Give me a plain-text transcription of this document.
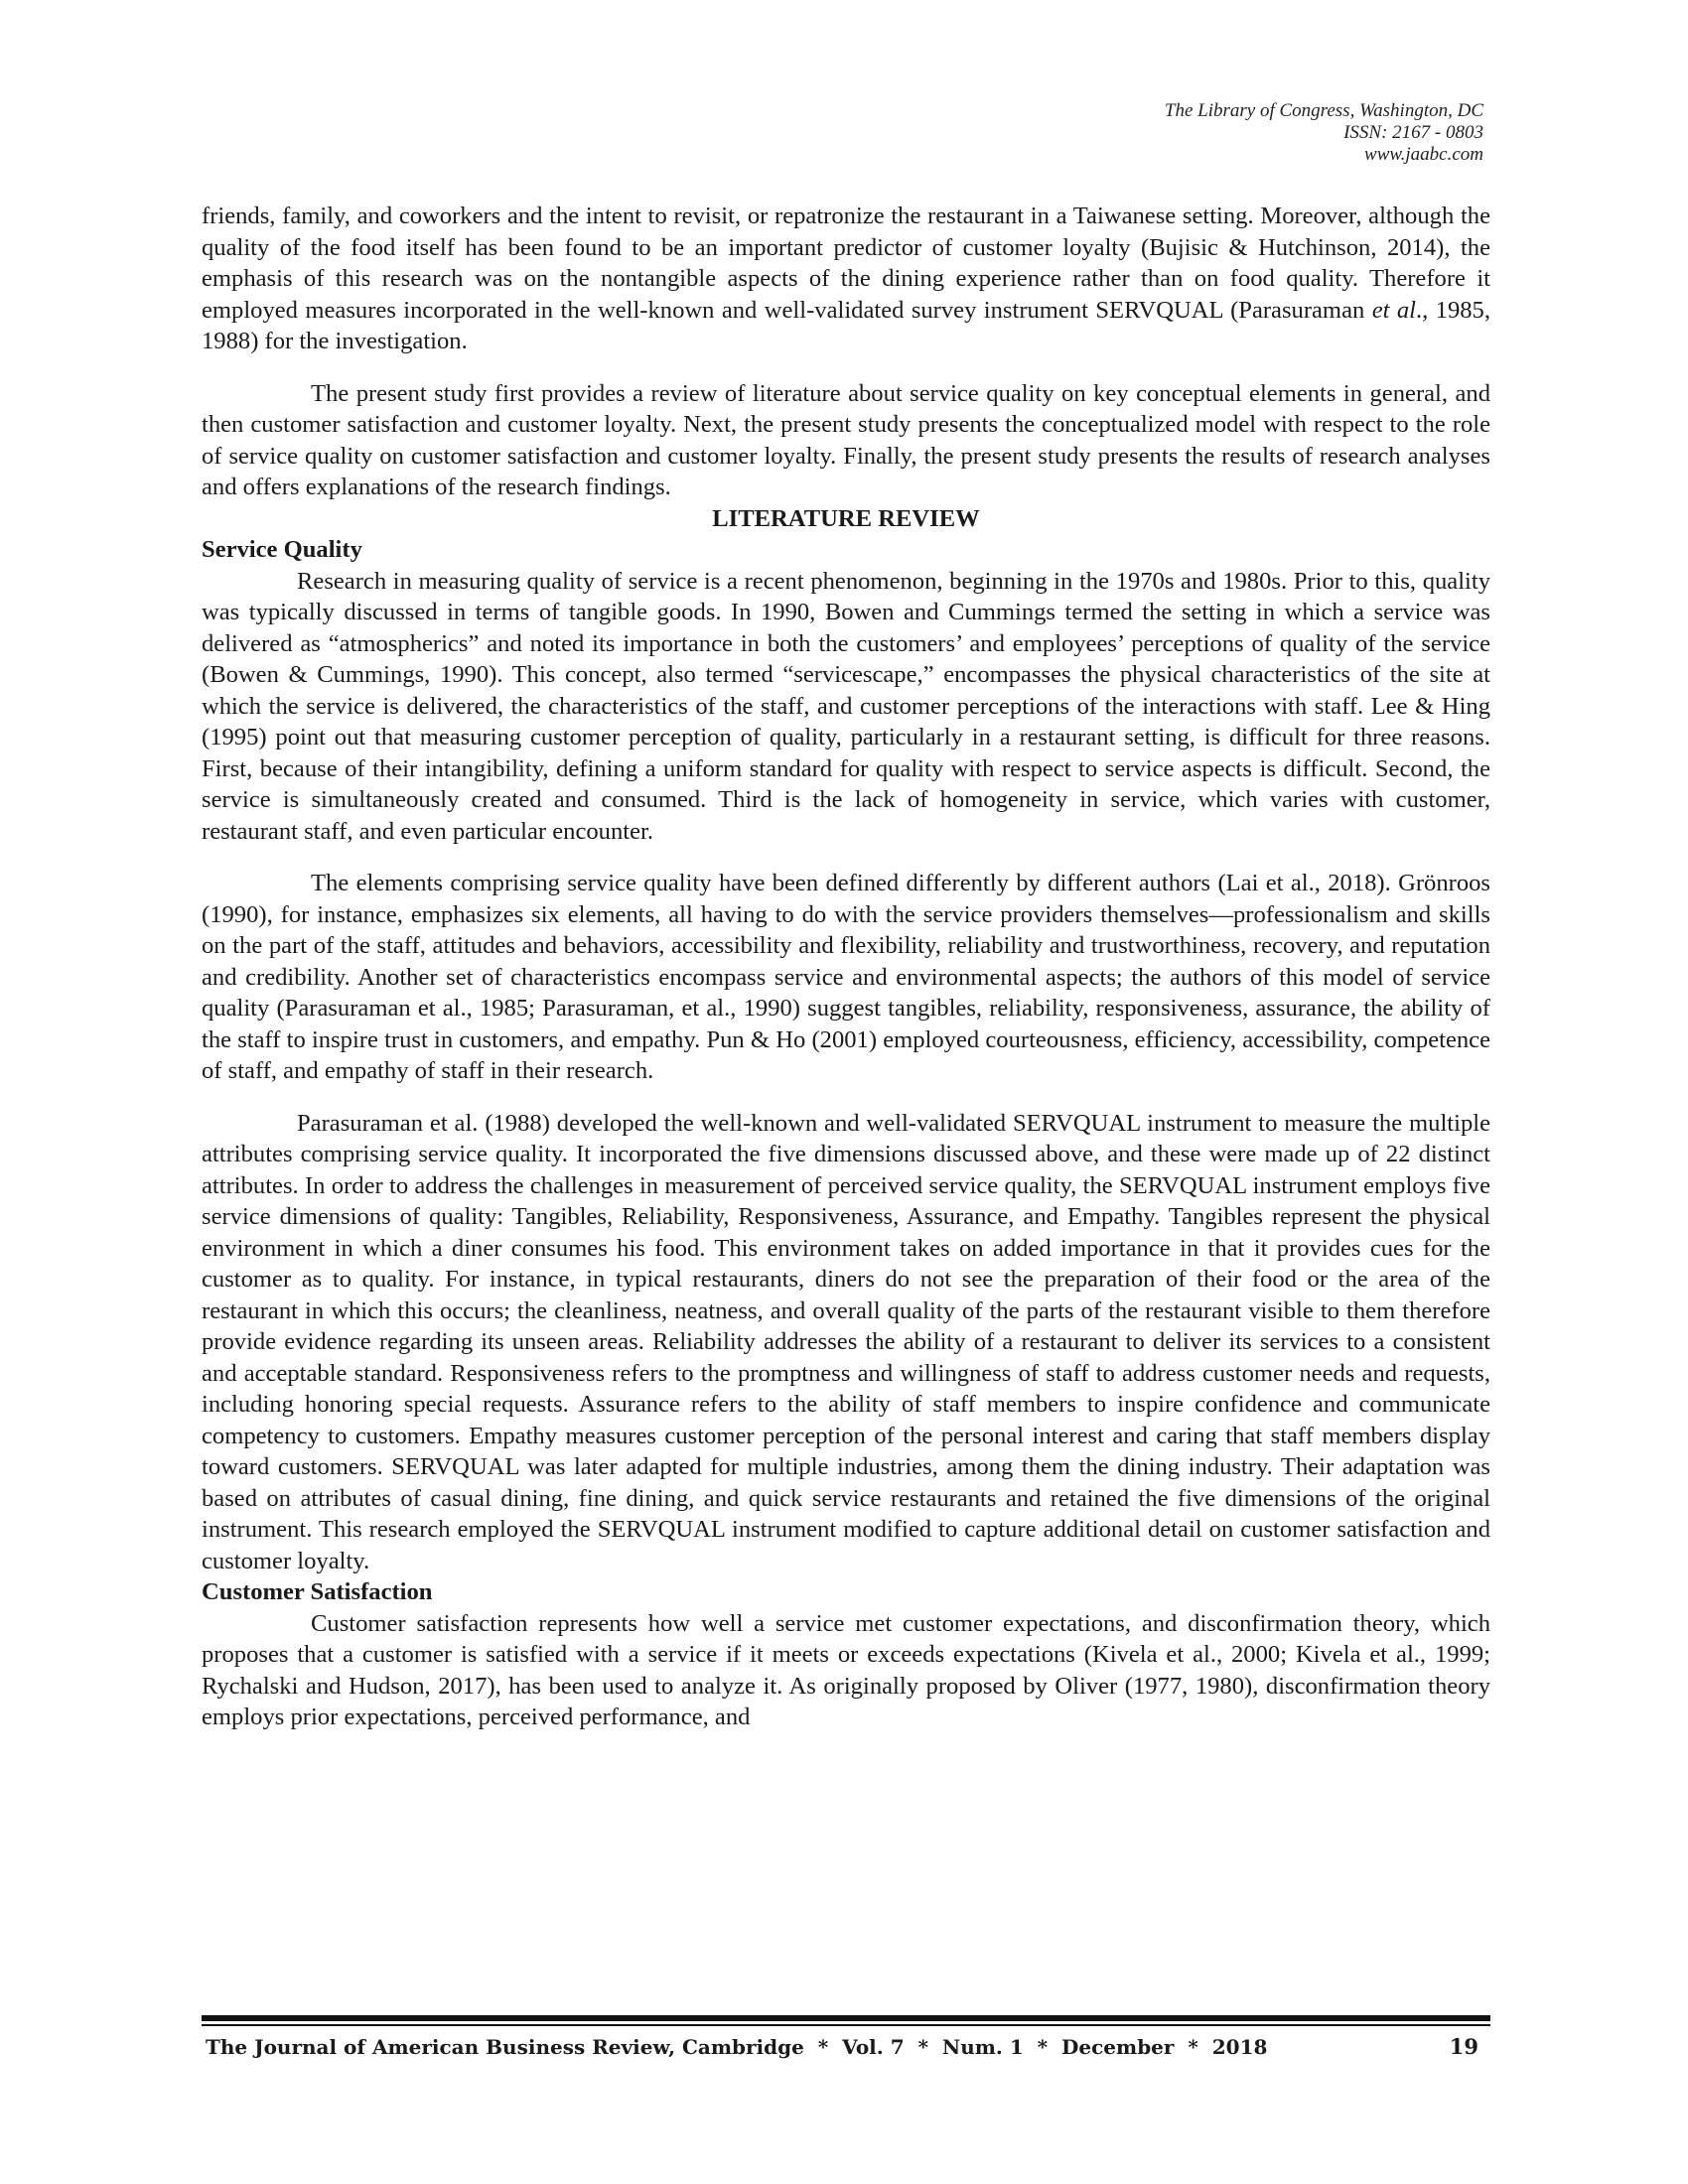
The Library of Congress, Washington, DC
ISSN: 2167 - 0803
www.jaabc.com

friends, family, and coworkers and the intent to revisit, or repatronize the restaurant in a Taiwanese setting. Moreover, although the quality of the food itself has been found to be an important predictor of customer loyalty (Bujisic & Hutchinson, 2014), the emphasis of this research was on the nontangible aspects of the dining experience rather than on food quality. Therefore it employed measures incorporated in the well-known and well-validated survey instrument SERVQUAL (Parasuraman et al., 1985, 1988) for the investigation.

The present study first provides a review of literature about service quality on key conceptual elements in general, and then customer satisfaction and customer loyalty. Next, the present study presents the conceptualized model with respect to the role of service quality on customer satisfaction and customer loyalty. Finally, the present study presents the results of research analyses and offers explanations of the research findings.

LITERATURE REVIEW

Service Quality

Research in measuring quality of service is a recent phenomenon, beginning in the 1970s and 1980s. Prior to this, quality was typically discussed in terms of tangible goods. In 1990, Bowen and Cummings termed the setting in which a service was delivered as “atmospherics” and noted its importance in both the customers’ and employees’ perceptions of quality of the service (Bowen & Cummings, 1990). This concept, also termed “servicescape,” encompasses the physical characteristics of the site at which the service is delivered, the characteristics of the staff, and customer perceptions of the interactions with staff. Lee & Hing (1995) point out that measuring customer perception of quality, particularly in a restaurant setting, is difficult for three reasons. First, because of their intangibility, defining a uniform standard for quality with respect to service aspects is difficult. Second, the service is simultaneously created and consumed. Third is the lack of homogeneity in service, which varies with customer, restaurant staff, and even particular encounter.

The elements comprising service quality have been defined differently by different authors (Lai et al., 2018). Grönroos (1990), for instance, emphasizes six elements, all having to do with the service providers themselves—professionalism and skills on the part of the staff, attitudes and behaviors, accessibility and flexibility, reliability and trustworthiness, recovery, and reputation and credibility. Another set of characteristics encompass service and environmental aspects; the authors of this model of service quality (Parasuraman et al., 1985; Parasuraman, et al., 1990) suggest tangibles, reliability, responsiveness, assurance, the ability of the staff to inspire trust in customers, and empathy. Pun & Ho (2001) employed courteousness, efficiency, accessibility, competence of staff, and empathy of staff in their research.

Parasuraman et al. (1988) developed the well-known and well-validated SERVQUAL instrument to measure the multiple attributes comprising service quality. It incorporated the five dimensions discussed above, and these were made up of 22 distinct attributes. In order to address the challenges in measurement of perceived service quality, the SERVQUAL instrument employs five service dimensions of quality: Tangibles, Reliability, Responsiveness, Assurance, and Empathy. Tangibles represent the physical environment in which a diner consumes his food. This environment takes on added importance in that it provides cues for the customer as to quality. For instance, in typical restaurants, diners do not see the preparation of their food or the area of the restaurant in which this occurs; the cleanliness, neatness, and overall quality of the parts of the restaurant visible to them therefore provide evidence regarding its unseen areas. Reliability addresses the ability of a restaurant to deliver its services to a consistent and acceptable standard. Responsiveness refers to the promptness and willingness of staff to address customer needs and requests, including honoring special requests. Assurance refers to the ability of staff members to inspire confidence and communicate competency to customers. Empathy measures customer perception of the personal interest and caring that staff members display toward customers. SERVQUAL was later adapted for multiple industries, among them the dining industry. Their adaptation was based on attributes of casual dining, fine dining, and quick service restaurants and retained the five dimensions of the original instrument. This research employed the SERVQUAL instrument modified to capture additional detail on customer satisfaction and customer loyalty.

Customer Satisfaction

Customer satisfaction represents how well a service met customer expectations, and disconfirmation theory, which proposes that a customer is satisfied with a service if it meets or exceeds expectations (Kivela et al., 2000; Kivela et al., 1999; Rychalski and Hudson, 2017), has been used to analyze it. As originally proposed by Oliver (1977, 1980), disconfirmation theory employs prior expectations, perceived performance, and

The Journal of American Business Review, Cambridge  *  Vol. 7  *  Num. 1  *  December  *  2018	19
